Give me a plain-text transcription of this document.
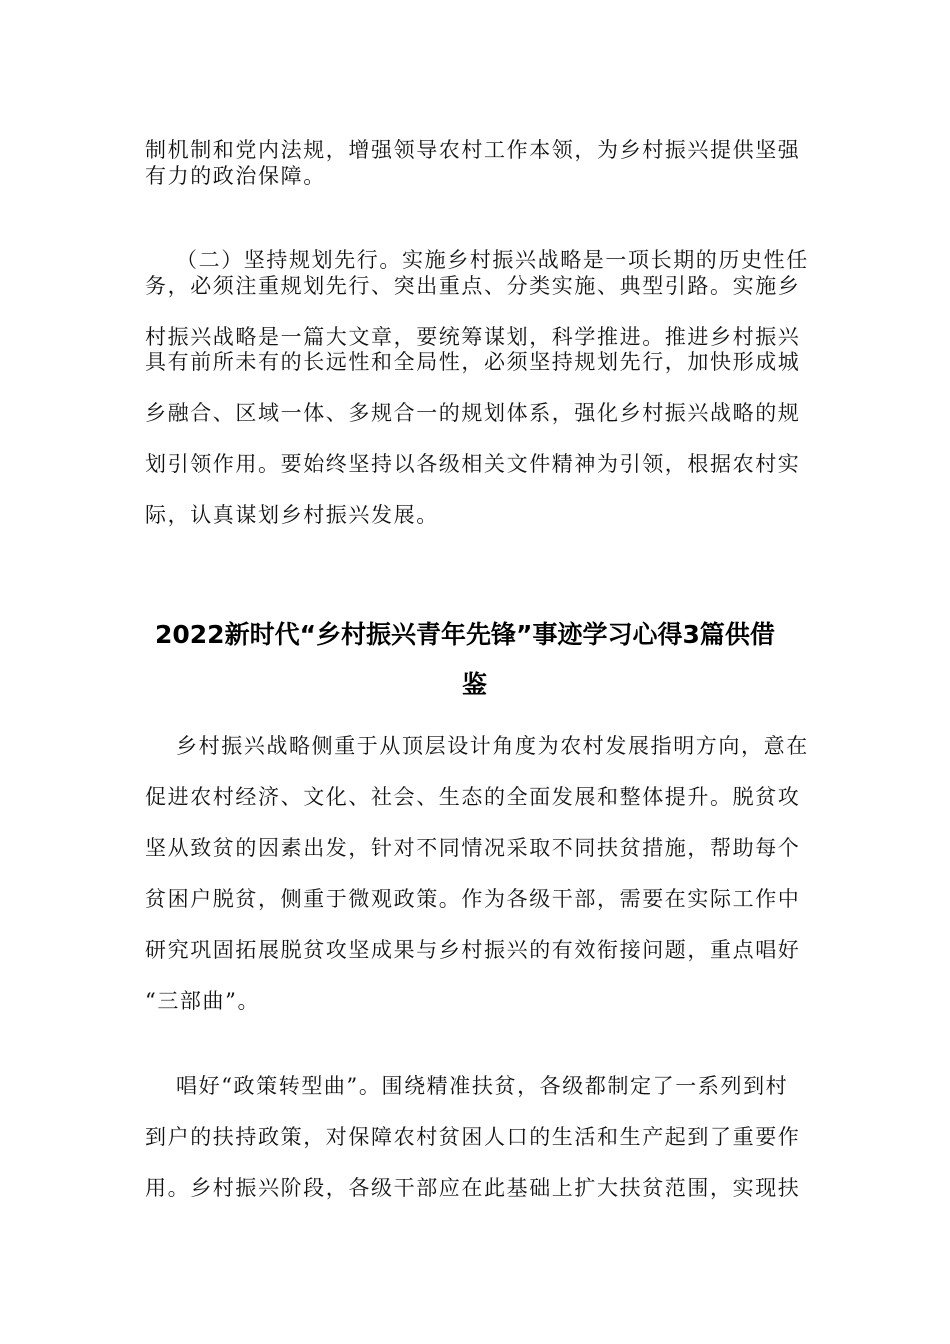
制机制和党内法规，增强领导农村工作本领，为乡村振兴提供坚强
有力的政治保障。
（二）坚持规划先行。实施乡村振兴战略是一项长期的历史性任
务，必须注重规划先行、突出重点、分类实施、典型引路。实施乡
村振兴战略是一篇大文章，要统筹谋划，科学推进。推进乡村振兴
具有前所未有的长远性和全局性，必须坚持规划先行，加快形成城
乡融合、区域一体、多规合一的规划体系，强化乡村振兴战略的规
划引领作用。要始终坚持以各级相关文件精神为引领，根据农村实
际，认真谋划乡村振兴发展。
2022新时代“乡村振兴青年先锋”事迹学习心得3篇供借
鉴
乡村振兴战略侧重于从顶层设计角度为农村发展指明方向，意在
促进农村经济、文化、社会、生态的全面发展和整体提升。脱贫攻
坚从致贫的因素出发，针对不同情况采取不同扶贫措施，帮助每个
贫困户脱贫，侧重于微观政策。作为各级干部，需要在实际工作中
研究巩固拓展脱贫攻坚成果与乡村振兴的有效衔接问题，重点唱好
“三部曲”。
唱好“政策转型曲”。围绕精准扶贫，各级都制定了一系列到村
到户的扶持政策，对保障农村贫困人口的生活和生产起到了重要作
用。乡村振兴阶段，各级干部应在此基础上扩大扶贫范围，实现扶
